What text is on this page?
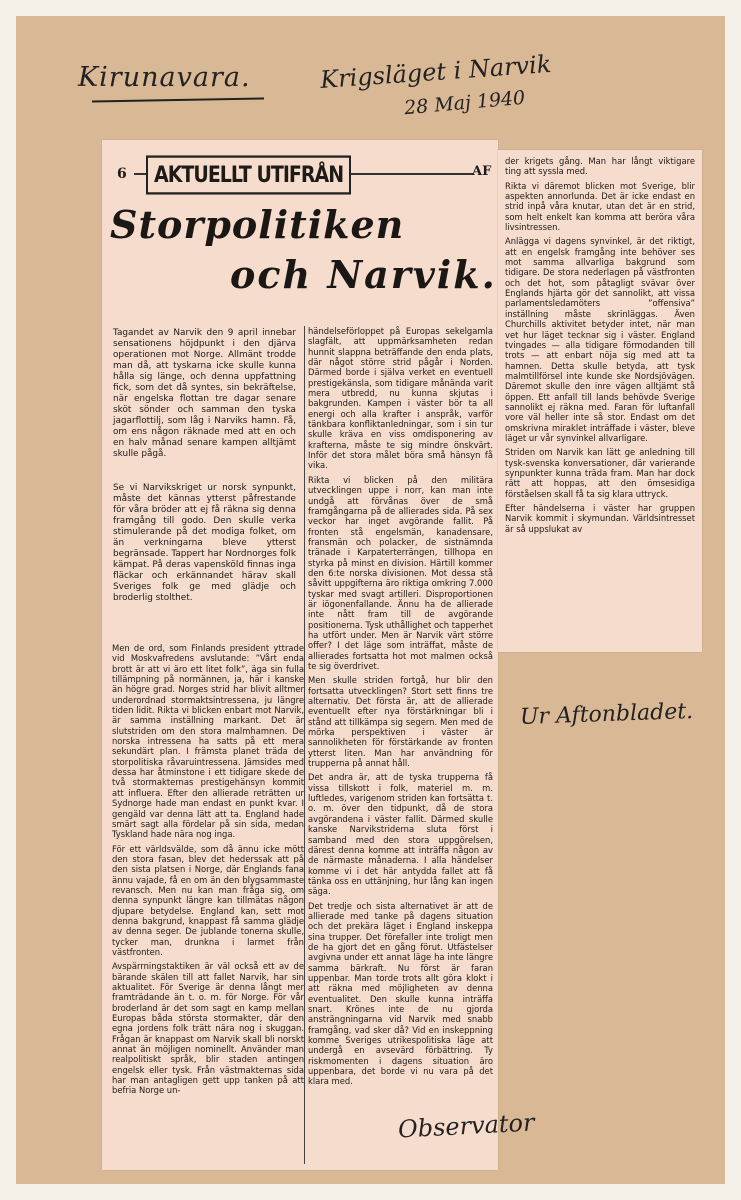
Kirunavara.	Krigsläget i Narvik
28 Maj 1940
Ur Aftonbladet.
6	AKTUELLT UTIFRÅN	AF
Storpolitiken
och Narvik.

Tagandet av Narvik den 9 april innebar sensationens höjdpunkt i den djärva operationen mot Norge. Allmänt trodde man då, att tyskarna icke skulle kunna hålla sig länge, och denna uppfattning fick, som det då syntes, sin bekräftelse, när engelska flottan tre dagar senare sköt sönder och samman den tyska jagarflottilj, som låg i Narviks hamn. Få, om ens någon räknade med att en och en halv månad senare kampen alltjämt skulle pågå.

Se vi Narvikskriget ur norsk synpunkt, måste det kännas ytterst påfrestande för våra bröder att ej få räkna sig denna framgång till godo. Den skulle verka stimulerande på det modiga folket, om än verkningarna bleve ytterst begränsade. Tappert har Nordnorges folk kämpat. På deras vapensköld finnas inga fläckar och erkännandet härav skall Sveriges folk ge med glädje och broderlig stolthet.

Men de ord, som Finlands president yttrade vid Moskvafredens avslutande: ”Vårt enda brott är att vi äro ett litet folk”, äga sin fulla tillämpning på normännen, ja, här i kanske än högre grad. Norges strid har blivit alltmer underordnad stormaktsintressena, ju längre tiden lidit. Rikta vi blicken enbart mot Narvik, är samma inställning markant. Det är slutstriden om den stora malmhamnen. De norska intressena ha satts på ett mera sekundärt plan. I främsta planet träda de storpolitiska råvaruintressena. Jämsides med dessa har åtminstone i ett tidigare skede de två stormakternas prestigehänsyn kommit att influera. Efter den allierade reträtten ur Sydnorge hade man endast en punkt kvar. I gengäld var denna lätt att ta. England hade smärt sagt alla fördelar på sin sida, medan Tyskland hade nära nog inga.

För ett världsvälde, som då ännu icke mött den stora fasan, blev det hederssak att på den sista platsen i Norge, där Englands fana ännu vajade, få en om än den blygsammaste revansch. Men nu kan man fråga sig, om denna synpunkt längre kan tillmätas någon djupare betydelse. England kan, sett mot denna bakgrund, knappast få samma glädje av denna seger. De jublande tonerna skulle, tycker man, drunkna i larmet från västfronten.

Avspärrningstaktiken är väl också ett av de bärande skälen till att fallet Narvik, har sin aktualitet. För Sverige är denna långt mer framträdande än t. o. m. för Norge. För vår broderland är det som sagt en kamp mellan Europas båda största stormakter, där den egna jordens folk trätt nära nog i skuggan. Frågan är knappast om Narvik skall bli norskt annat än möjligen nominellt. Använder man realpolitiskt språk, blir staden antingen engelsk eller tysk. Från västmakternas sida har man antagligen gett upp tanken på att befria Norge un-

händelseförloppet på Europas sekelgamla slagfält, att uppmärksamheten redan hunnit slappna beträffande den enda plats, där något större strid pågår i Norden. Därmed borde i själva verket en eventuell prestigekänsla, som tidigare månända varit mera utbredd, nu kunna skjutas i bakgrunden. Kampen i väster bör ta all energi och alla krafter i anspråk, varför tänkbara konfliktanledningar, som i sin tur skulle kräva en viss omdisponering av krafterna, måste te sig mindre önskvärt. Inför det stora målet böra små hänsyn få vika.

Rikta vi blicken på den militära utvecklingen uppe i norr, kan man inte undgå att förvånas över de små framgångarna på de allierades sida. På sex veckor har inget avgörande fallit. På fronten stå engelsmän, kanadensare, fransmän och polacker, de sistnämnda tränade i Karpaterterrängen, tillhopa en styrka på minst en division. Härtill kommer den 6:te norska divisionen. Mot dessa stå såvitt uppgifterna äro riktiga omkring 7.000 tyskar med svagt artilleri. Disproportionen är iögonenfallande. Ännu ha de allierade inte nått fram till de avgörande positionerna. Tysk uthållighet och tapperhet ha utfört under. Men är Narvik värt större offer? I det läge som inträffat, måste de allierades fortsatta hot mot malmen också te sig överdrivet.

Men skulle striden fortgå, hur blir den fortsatta utvecklingen? Stort sett finns tre alternativ. Det första är, att de allierade eventuellt efter nya förstärkningar bli i stånd att tillkämpa sig segern. Men med de mörka perspektiven i väster är sannolikheten för förstärkande av fronten ytterst liten. Man har användning för trupperna på annat håll.

Det andra är, att de tyska trupperna få vissa tillskott i folk, materiel m. m. luftledes, varigenom striden kan fortsätta t. o. m. över den tidpunkt, då de stora avgörandena i väster fallit. Därmed skulle kanske Narvikstriderna sluta först i samband med den stora uppgörelsen, därest denna komme att inträffa någon av de närmaste månaderna. I alla händelser komme vi i det här antydda fallet att få tänka oss en uttänjning, hur lång kan ingen säga.

Det tredje och sista alternativet är att de allierade med tanke på dagens situation och det prekära läget i England inskeppa sina trupper. Det förefaller inte troligt men de ha gjort det en gång förut. Utfästelser avgivna under ett annat läge ha inte längre samma bärkraft. Nu först är faran uppenbar. Man torde trots allt göra klokt i att räkna med möjligheten av denna eventualitet. Den skulle kunna inträffa snart. Krönes inte de nu gjorda ansträngningarna vid Narvik med snabb framgång, vad sker då? Vid en inskeppning komme Sveriges utrikespolitiska läge att undergå en avsevärd förbättring. Ty riskmomenten i dagens situation äro uppenbara, det borde vi nu vara på det klara med.

der krigets gång. Man har långt viktigare ting att syssla med.

Rikta vi däremot blicken mot Sverige, blir aspekten annorlunda. Det är icke endast en strid inpå våra knutar, utan det är en strid, som helt enkelt kan komma att beröra våra livsintressen.

Anlägga vi dagens synvinkel, är det riktigt, att en engelsk framgång inte behöver ses mot samma allvarliga bakgrund som tidigare. De stora nederlagen på västfronten och det hot, som påtagligt svävar över Englands hjärta gör det sannolikt, att vissa parlamentsledamöters ”offensiva” inställning måste skrinläggas. Även Churchills aktivitet betyder intet, när man vet hur läget tecknar sig i väster. England tvingades — alla tidigare förmodanden till trots — att enbart nöja sig med att ta hamnen. Detta skulle betyda, att tysk malmtillförsel inte kunde ske Nordsjövägen. Däremot skulle den inre vägen alltjämt stå öppen. Ett anfall till lands behövde Sverige sannolikt ej räkna med. Faran för luftanfall vore väl heller inte så stor. Endast om det omskrivna miraklet inträffade i väster, bleve läget ur vår synvinkel allvarligare.

Striden om Narvik kan lätt ge anledning till tysk-svenska konversationer, där varierande synpunkter kunna träda fram. Man har dock rätt att hoppas, att den ömsesidiga förståelsen skall få ta sig klara uttryck.

Efter händelserna i väster har gruppen Narvik kommit i skymundan. Världsintresset är så uppslukat av

Observator
